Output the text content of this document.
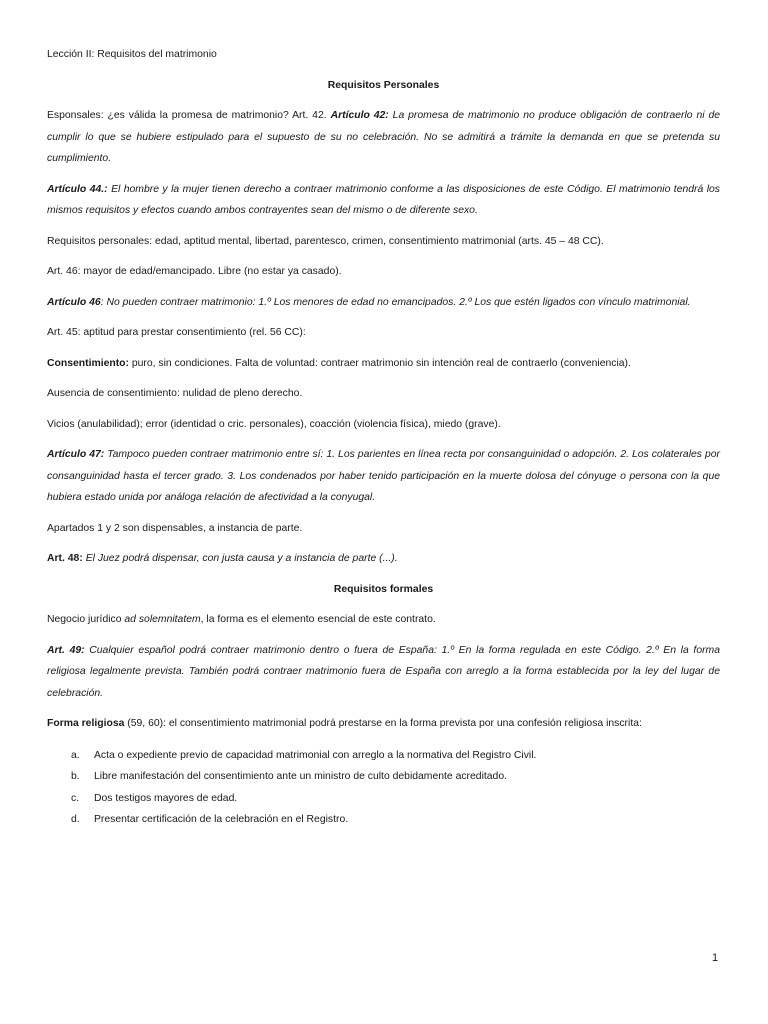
Lección II: Requisitos del matrimonio

Requisitos Personales

Esponsales: ¿es válida la promesa de matrimonio? Art. 42. Artículo 42: La promesa de matrimonio no produce obligación de contraerlo ni de cumplir lo que se hubiere estipulado para el supuesto de su no celebración. No se admitirá a trámite la demanda en que se pretenda su cumplimiento.

Artículo 44.: El hombre y la mujer tienen derecho a contraer matrimonio conforme a las disposiciones de este Código. El matrimonio tendrá los mismos requisitos y efectos cuando ambos contrayentes sean del mismo o de diferente sexo.

Requisitos personales: edad, aptitud mental, libertad, parentesco, crimen, consentimiento matrimonial (arts. 45 – 48 CC).

Art. 46: mayor de edad/emancipado. Libre (no estar ya casado).

Artículo 46: No pueden contraer matrimonio: 1.º Los menores de edad no emancipados. 2.º Los que estén ligados con vínculo matrimonial.

Art. 45: aptitud para prestar consentimiento (rel. 56 CC):

Consentimiento: puro, sin condiciones. Falta de voluntad: contraer matrimonio sin intención real de contraerlo (conveniencia).

Ausencia de consentimiento: nulidad de pleno derecho.

Vicios (anulabilidad); error (identidad o cric. personales), coacción (violencia física), miedo (grave).

Artículo 47: Tampoco pueden contraer matrimonio entre sí: 1. Los parientes en línea recta por consanguinidad o adopción. 2. Los colaterales por consanguinidad hasta el tercer grado. 3. Los condenados por haber tenido participación en la muerte dolosa del cónyuge o persona con la que hubiera estado unida por análoga relación de afectividad a la conyugal.

Apartados 1 y 2 son dispensables, a instancia de parte.

Art. 48: El Juez podrá dispensar, con justa causa y a instancia de parte (...).

Requisitos formales

Negocio jurídico ad solemnitatem, la forma es el elemento esencial de este contrato.

Art. 49: Cualquier español podrá contraer matrimonio dentro o fuera de España: 1.º En la forma regulada en este Código. 2.º En la forma religiosa legalmente prevista. También podrá contraer matrimonio fuera de España con arreglo a la forma establecida por la ley del lugar de celebración.

Forma religiosa (59, 60): el consentimiento matrimonial podrá prestarse en la forma prevista por una confesión religiosa inscrita:

a.	Acta o expediente previo de capacidad matrimonial con arreglo a la normativa del Registro Civil.
b.	Libre manifestación del consentimiento ante un ministro de culto debidamente acreditado.
c.	Dos testigos mayores de edad.
d.	Presentar certificación de la celebración en el Registro.
1
